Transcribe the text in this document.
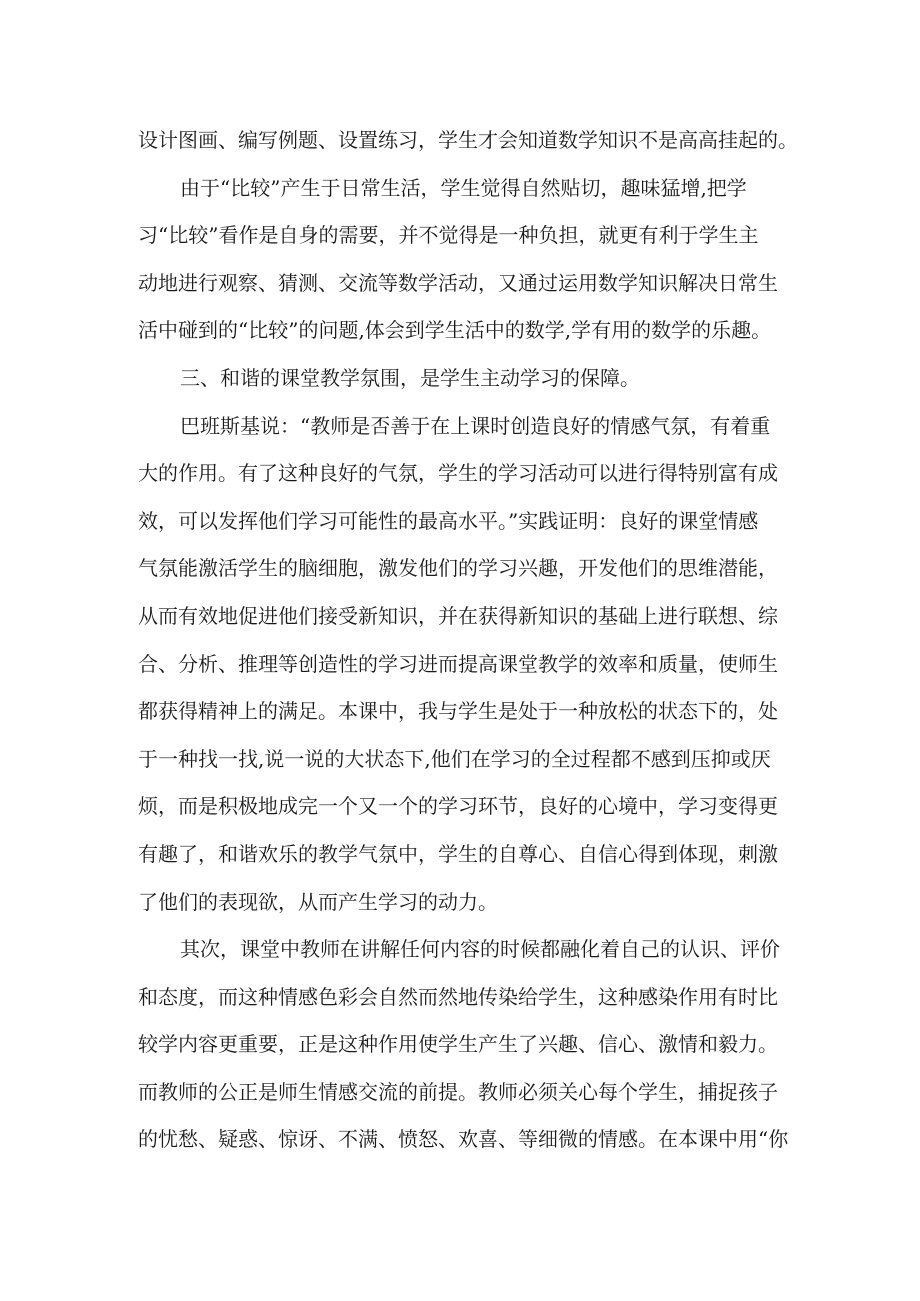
设计图画、编写例题、设置练习，学生才会知道数学知识不是高高挂起的。
由于“比较”产生于日常生活，学生觉得自然贴切，趣味猛增,把学
习“比较”看作是自身的需要，并不觉得是一种负担，就更有利于学生主
动地进行观察、猜测、交流等数学活动，又通过运用数学知识解决日常生
活中碰到的“比较”的问题,体会到学生活中的数学,学有用的数学的乐趣。
三、和谐的课堂教学氛围，是学生主动学习的保障。
巴班斯基说：“教师是否善于在上课时创造良好的情感气氛，有着重
大的作用。有了这种良好的气氛，学生的学习活动可以进行得特别富有成
效，可以发挥他们学习可能性的最高水平。”实践证明：良好的课堂情感
气氛能激活学生的脑细胞，激发他们的学习兴趣，开发他们的思维潜能，
从而有效地促进他们接受新知识，并在获得新知识的基础上进行联想、综
合、分析、推理等创造性的学习进而提高课堂教学的效率和质量，使师生
都获得精神上的满足。本课中，我与学生是处于一种放松的状态下的，处
于一种找一找,说一说的大状态下,他们在学习的全过程都不感到压抑或厌
烦，而是积极地成完一个又一个的学习环节，良好的心境中，学习变得更
有趣了，和谐欢乐的教学气氛中，学生的自尊心、自信心得到体现，刺激
了他们的表现欲，从而产生学习的动力。
其次，课堂中教师在讲解任何内容的时候都融化着自己的认识、评价
和态度，而这种情感色彩会自然而然地传染给学生，这种感染作用有时比
较学内容更重要，正是这种作用使学生产生了兴趣、信心、激情和毅力。
而教师的公正是师生情感交流的前提。教师必须关心每个学生，捕捉孩子
的忧愁、疑惑、惊讶、不满、愤怒、欢喜、等细微的情感。在本课中用“你
